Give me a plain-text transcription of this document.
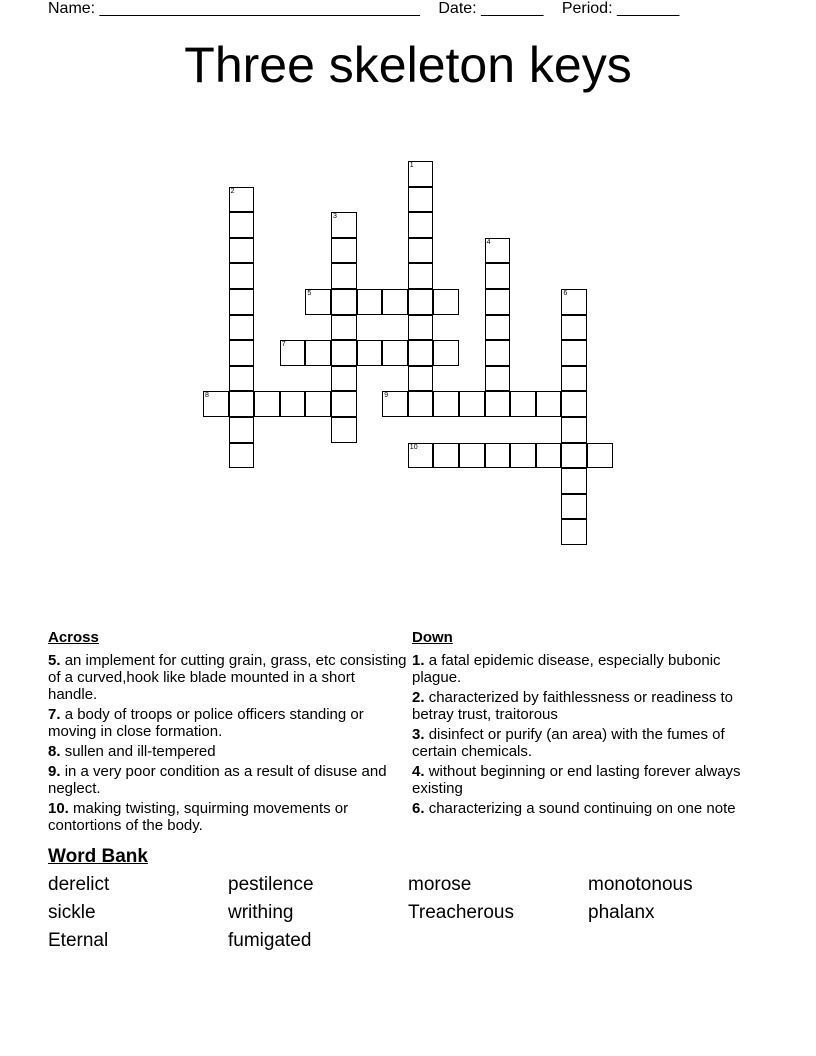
Name: ____________________________________ Date: _______ Period: _______
Three skeleton keys
1
2
3
4
5	6
7
8	9
10
Across
5. an implement for cutting grain, grass, etc consisting of a curved,hook like blade mounted in a short handle.
7. a body of troops or police officers standing or moving in close formation.
8. sullen and ill-tempered
9. in a very poor condition as a result of disuse and neglect.
10. making twisting, squirming movements or contortions of the body.
Down
1. a fatal epidemic disease, especially bubonic plague.
2. characterized by faithlessness or readiness to betray trust, traitorous
3. disinfect or purify (an area) with the fumes of certain chemicals.
4. without beginning or end lasting forever always existing
6. characterizing a sound continuing on one note
Word Bank
derelict	pestilence	morose	monotonous
sickle	writhing	Treacherous	phalanx
Eternal	fumigated
